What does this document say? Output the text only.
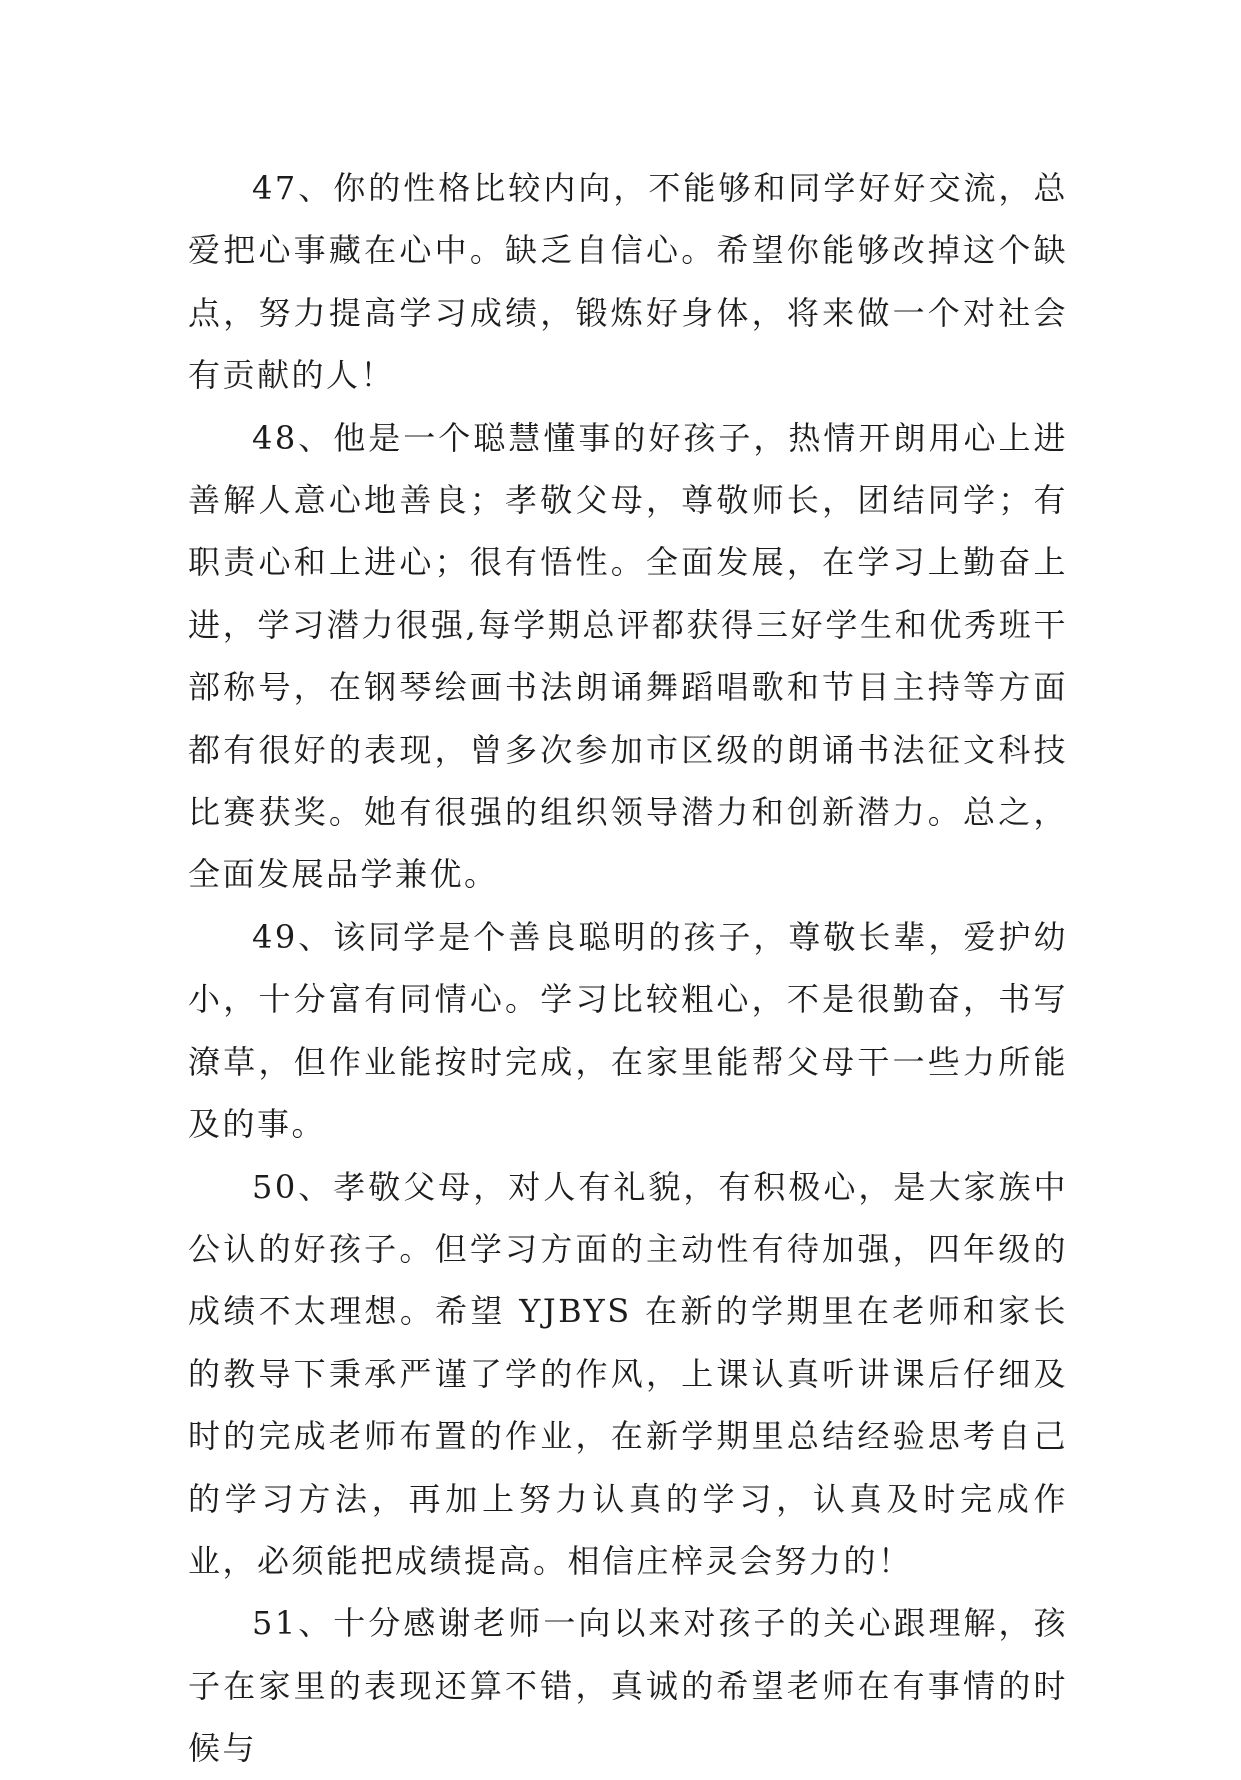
47、你的性格比较内向，不能够和同学好好交流，总爱把心事藏在心中。缺乏自信心。希望你能够改掉这个缺点，努力提高学习成绩，锻炼好身体，将来做一个对社会有贡献的人！

48、他是一个聪慧懂事的好孩子，热情开朗用心上进善解人意心地善良；孝敬父母，尊敬师长，团结同学；有职责心和上进心；很有悟性。全面发展，在学习上勤奋上进，学习潜力很强,每学期总评都获得三好学生和优秀班干部称号，在钢琴绘画书法朗诵舞蹈唱歌和节目主持等方面都有很好的表现，曾多次参加市区级的朗诵书法征文科技比赛获奖。她有很强的组织领导潜力和创新潜力。总之，全面发展品学兼优。

49、该同学是个善良聪明的孩子，尊敬长辈，爱护幼小，十分富有同情心。学习比较粗心，不是很勤奋，书写潦草，但作业能按时完成，在家里能帮父母干一些力所能及的事。

50、孝敬父母，对人有礼貌，有积极心，是大家族中公认的好孩子。但学习方面的主动性有待加强，四年级的成绩不太理想。希望 YJBYS 在新的学期里在老师和家长的教导下秉承严谨了学的作风，上课认真听讲课后仔细及时的完成老师布置的作业，在新学期里总结经验思考自己的学习方法，再加上努力认真的学习，认真及时完成作业，必须能把成绩提高。相信庄梓灵会努力的！

51、十分感谢老师一向以来对孩子的关心跟理解，孩子在家里的表现还算不错，真诚的希望老师在有事情的时候与
